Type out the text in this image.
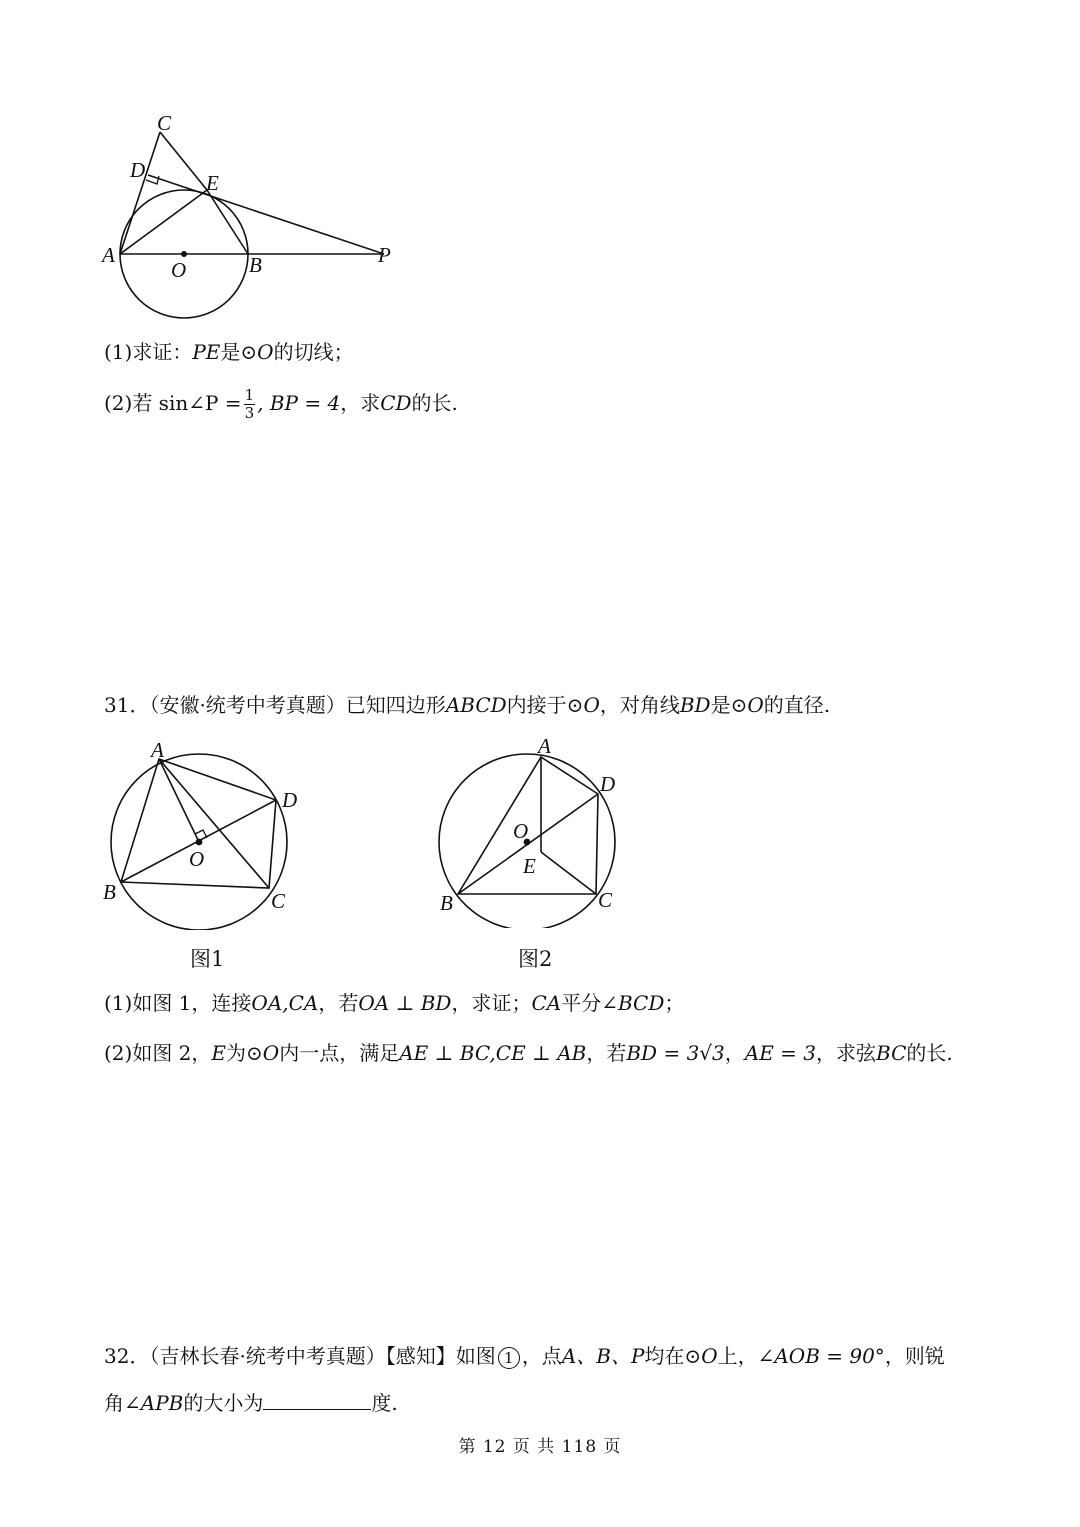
C
D
E
A
O	B	P
(1)求证：PE是⊙O的切线；
(2)若 sin∠P = $\frac{1}{3}$ , BP = 4，求CD的长.
31．（安徽·统考中考真题）已知四边形ABCD内接于⊙O，对角线BD是⊙O的直径.
A
D
O
B	C
图1
A
D
O
E
B	C
图2
(1)如图 1，连接OA,CA，若OA ⊥ BD，求证；CA平分∠BCD；
(2)如图 2，E为⊙O内一点，满足AE ⊥ BC,CE ⊥ AB，若BD = 3√3，AE = 3，求弦BC的长.
32．（吉林长春·统考中考真题）【感知】如图 1 ，点A、B、P均在⊙O上，∠AOB = 90°，则锐
角∠APB的大小为	度.
第 12 页 共 118 页
